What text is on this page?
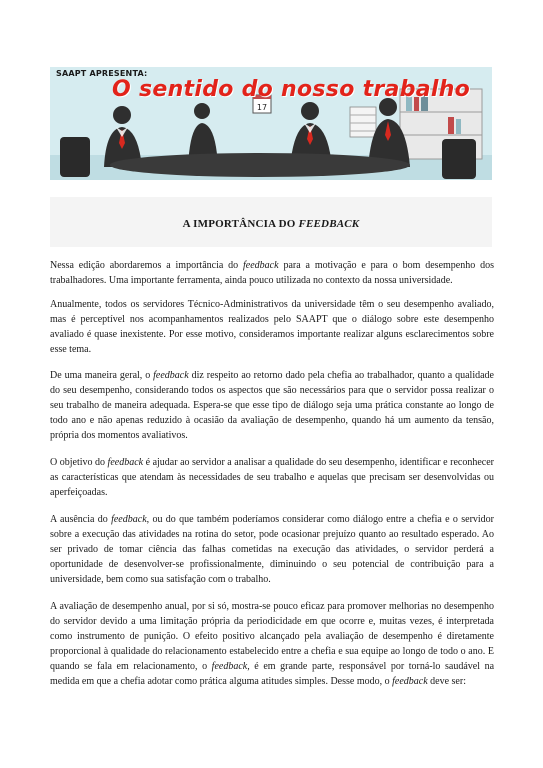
17
SAAPT APRESENTA:
O sentido do nosso trabalho
A IMPORTÂNCIA DO FEEDBACK

Nessa edição abordaremos a importância do feedback para a motivação e para o bom desempenho dos trabalhadores. Uma importante ferramenta, ainda pouco utilizada no contexto da nossa universidade.

Anualmente, todos os servidores Técnico-Administrativos da universidade têm o seu desempenho avaliado, mas é perceptível nos acompanhamentos realizados pelo SAAPT que o diálogo sobre este desempenho avaliado é quase inexistente. Por esse motivo, consideramos importante realizar alguns esclarecimentos sobre esse tema.

De uma maneira geral, o feedback diz respeito ao retorno dado pela chefia ao trabalhador, quanto a qualidade do seu desempenho, considerando todos os aspectos que são necessários para que o servidor possa realizar o seu trabalho de maneira adequada. Espera-se que esse tipo de diálogo seja uma prática constante ao longo de todo ano e não apenas reduzido à ocasião da avaliação de desempenho, quando há um aumento da tensão, própria dos momentos avaliativos.

O objetivo do feedback é ajudar ao servidor a analisar a qualidade do seu desempenho, identificar e reconhecer as características que atendam às necessidades de seu trabalho e aquelas que precisam ser desenvolvidas ou aperfeiçoadas.

A ausência do feedback, ou do que também poderíamos considerar como diálogo entre a chefia e o servidor sobre a execução das atividades na rotina do setor, pode ocasionar prejuízo quanto ao resultado esperado. Ao ser privado de tomar ciência das falhas cometidas na execução das atividades, o servidor perderá a oportunidade de desenvolver-se profissionalmente, diminuindo o seu potencial de contribuição para a universidade, bem como sua satisfação com o trabalho.

A avaliação de desempenho anual, por si só, mostra-se pouco eficaz para promover melhorias no desempenho do servidor devido a uma limitação própria da periodicidade em que ocorre e, muitas vezes, é interpretada como instrumento de punição. O efeito positivo alcançado pela avaliação de desempenho é diretamente proporcional à qualidade do relacionamento estabelecido entre a chefia e sua equipe ao longo de todo o ano. E quando se fala em relacionamento, o feedback, é em grande parte, responsável por torná-lo saudável na medida em que a chefia adotar como prática alguma atitudes simples. Desse modo, o feedback deve ser:
